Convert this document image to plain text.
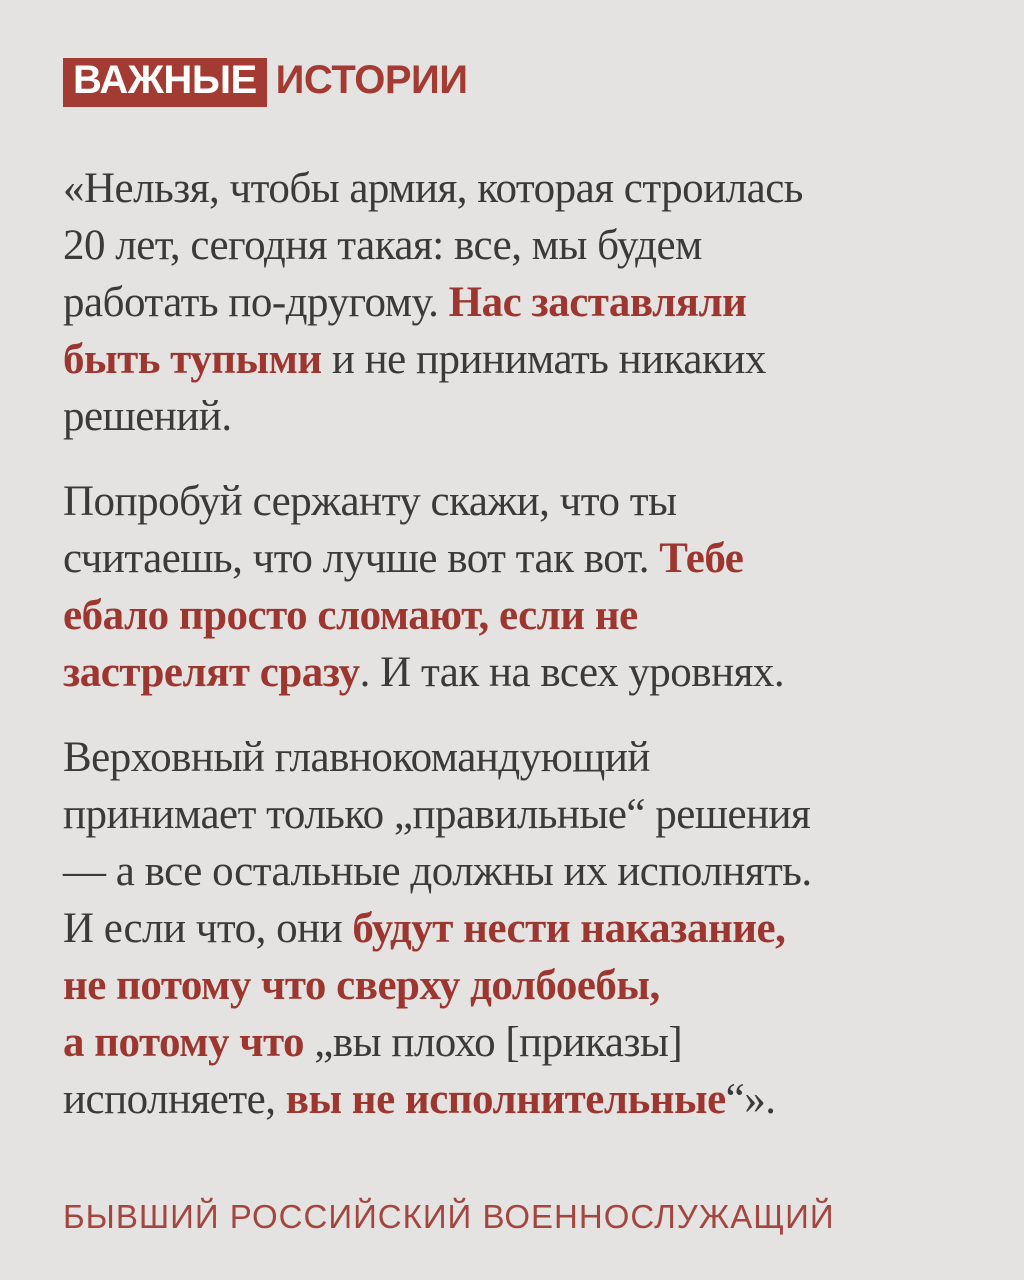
ВАЖНЫЕ ИСТОРИИ

«Нельзя, чтобы армия, которая строилась
20 лет, сегодня такая: все, мы будем
работать по-другому. Нас заставляли
быть тупыми и не принимать никаких
решений.

Попробуй сержанту скажи, что ты
считаешь, что лучше вот так вот. Тебе
ебало просто сломают, если не
застрелят сразу. И так на всех уровнях.

Верховный главнокомандующий
принимает только „правильные“ решения
— а все остальные должны их исполнять.
И если что, они будут нести наказание,
не потому что сверху долбоебы,
а потому что „вы плохо [приказы]
исполняете, вы не исполнительные“».

БЫВШИЙ РОССИЙСКИЙ ВОЕННОСЛУЖАЩИЙ
